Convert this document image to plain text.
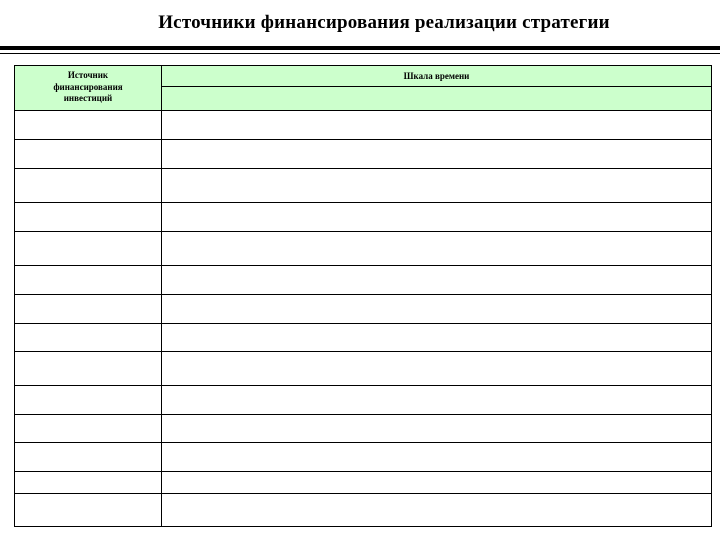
Источники финансирования реализации стратегии
Источник
финансирования
инвестиций	Шкала времени
